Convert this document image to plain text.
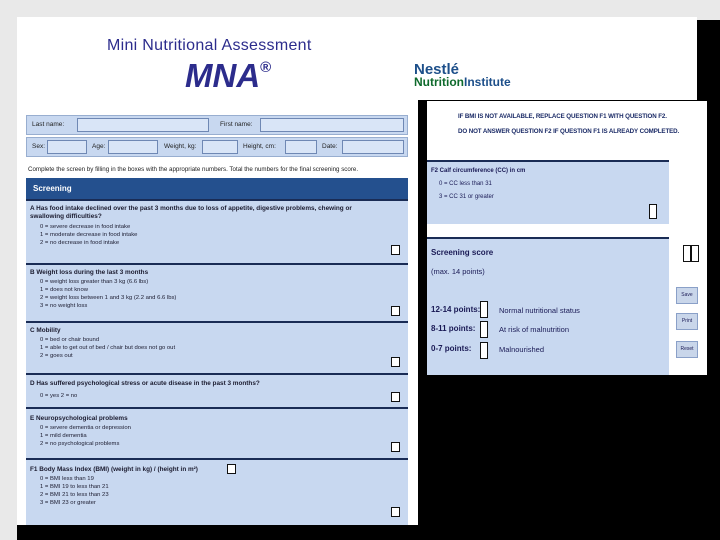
Mini Nutritional Assessment
MNA®	Nestlé
NutritionInstitute
Last name:	First name:
Sex:	Age:	Weight, kg:	Height, cm:	Date:
Complete the screen by filling in the boxes with the appropriate numbers. Total the numbers for the final screening score.
Screening
A Has food intake declined over the past 3 months due to loss of appetite, digestive problems, chewing or
swallowing difficulties?
0 = severe decrease in food intake
1 = moderate decrease in food intake
2 = no decrease in food intake
B Weight loss during the last 3 months
0 = weight loss greater than 3 kg (6.6 lbs)
1 = does not know
2 = weight loss between 1 and 3 kg (2.2 and 6.6 lbs)
3 = no weight loss
C Mobility
0 = bed or chair bound
1 = able to get out of bed / chair but does not go out
2 = goes out
D Has suffered psychological stress or acute disease in the past 3 months?
0 = yes 2 = no
E Neuropsychological problems
0 = severe dementia or depression
1 = mild dementia
2 = no psychological problems
F1 Body Mass Index (BMI) (weight in kg) / (height in m²)
0 = BMI less than 19
1 = BMI 19 to less than 21
2 = BMI 21 to less than 23
3 = BMI 23 or greater
IF BMI IS NOT AVAILABLE, REPLACE QUESTION F1 WITH QUESTION F2.
DO NOT ANSWER QUESTION F2 IF QUESTION F1 IS ALREADY COMPLETED.
F2 Calf circumference (CC) in cm
0 = CC less than 31
3 = CC 31 or greater
Screening score
(max. 14 points)
12-14 points: Normal nutritional status
8-11 points:	At risk of malnutrition
0-7 points:	Malnourished
Save
Print
Reset
